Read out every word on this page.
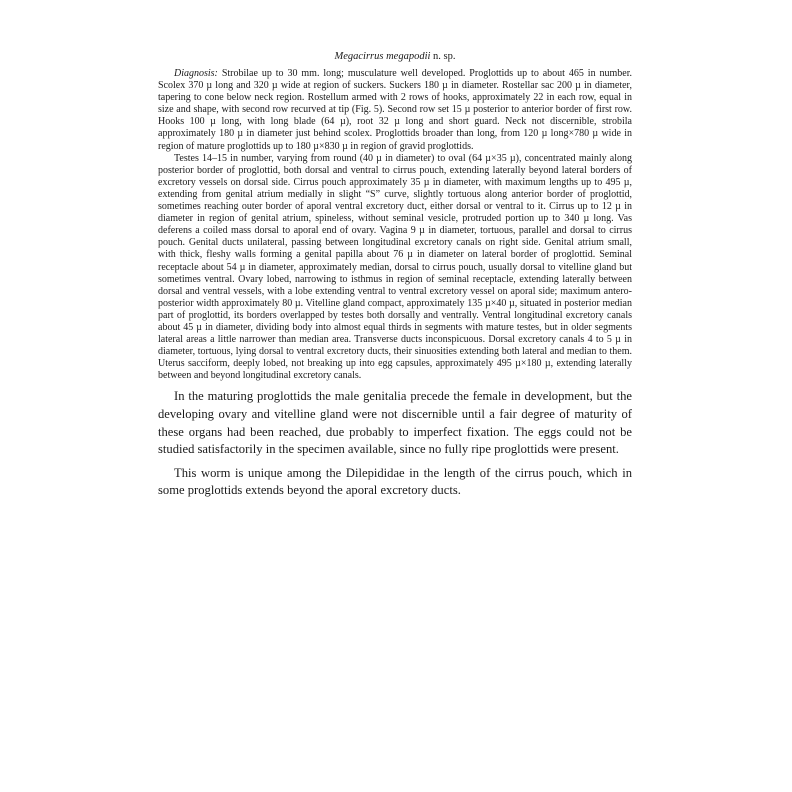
Megacirrus megapodii n. sp.

Diagnosis: Strobilae up to 30 mm. long; musculature well developed. Proglottids up to about 465 in number. Scolex 370 µ long and 320 µ wide at region of suckers. Suckers 180 µ in diameter. Rostellar sac 200 µ in diameter, tapering to cone below neck region. Rostellum armed with 2 rows of hooks, approximately 22 in each row, equal in size and shape, with second row recurved at tip (Fig. 5). Second row set 15 µ posterior to anterior border of first row. Hooks 100 µ long, with long blade (64 µ), root 32 µ long and short guard. Neck not discernible, strobila approximately 180 µ in diameter just behind scolex. Proglottids broader than long, from 120 µ long×780 µ wide in region of mature proglottids up to 180 µ×830 µ in region of gravid proglottids.

Testes 14–15 in number, varying from round (40 µ in diameter) to oval (64 µ×35 µ), concentrated mainly along posterior border of proglottid, both dorsal and ventral to cirrus pouch, extending laterally beyond lateral borders of excretory vessels on dorsal side. Cirrus pouch approximately 35 µ in diameter, with maximum lengths up to 495 µ, extending from genital atrium medially in slight “S” curve, slightly tortuous along anterior border of proglottid, sometimes reaching outer border of aporal ventral excretory duct, either dorsal or ventral to it. Cirrus up to 12 µ in diameter in region of genital atrium, spineless, without seminal vesicle, protruded portion up to 340 µ long. Vas deferens a coiled mass dorsal to aporal end of ovary. Vagina 9 µ in diameter, tortuous, parallel and dorsal to cirrus pouch. Genital ducts unilateral, passing between longitudinal excretory canals on right side. Genital atrium small, with thick, fleshy walls forming a genital papilla about 76 µ in diameter on lateral border of proglottid. Seminal receptacle about 54 µ in diameter, approximately median, dorsal to cirrus pouch, usually dorsal to vitelline gland but sometimes ventral. Ovary lobed, narrowing to isthmus in region of seminal receptacle, extending laterally between dorsal and ventral vessels, with a lobe extending ventral to ventral excretory vessel on aporal side; maximum antero-posterior width approximately 80 µ. Vitelline gland compact, approximately 135 µ×40 µ, situated in posterior median part of proglottid, its borders overlapped by testes both dorsally and ventrally. Ventral longitudinal excretory canals about 45 µ in diameter, dividing body into almost equal thirds in segments with mature testes, but in older segments lateral areas a little narrower than median area. Transverse ducts inconspicuous. Dorsal excretory canals 4 to 5 µ in diameter, tortuous, lying dorsal to ventral excretory ducts, their sinuosities extending both lateral and median to them. Uterus sacciform, deeply lobed, not breaking up into egg capsules, approximately 495 µ×180 µ, extending laterally between and beyond longitudinal excretory canals.

In the maturing proglottids the male genitalia precede the female in development, but the developing ovary and vitelline gland were not discernible until a fair degree of maturity of these organs had been reached, due probably to imperfect fixation. The eggs could not be studied satisfactorily in the specimen available, since no fully ripe proglottids were present.

This worm is unique among the Dilepididae in the length of the cirrus pouch, which in some proglottids extends beyond the aporal excretory ducts.
